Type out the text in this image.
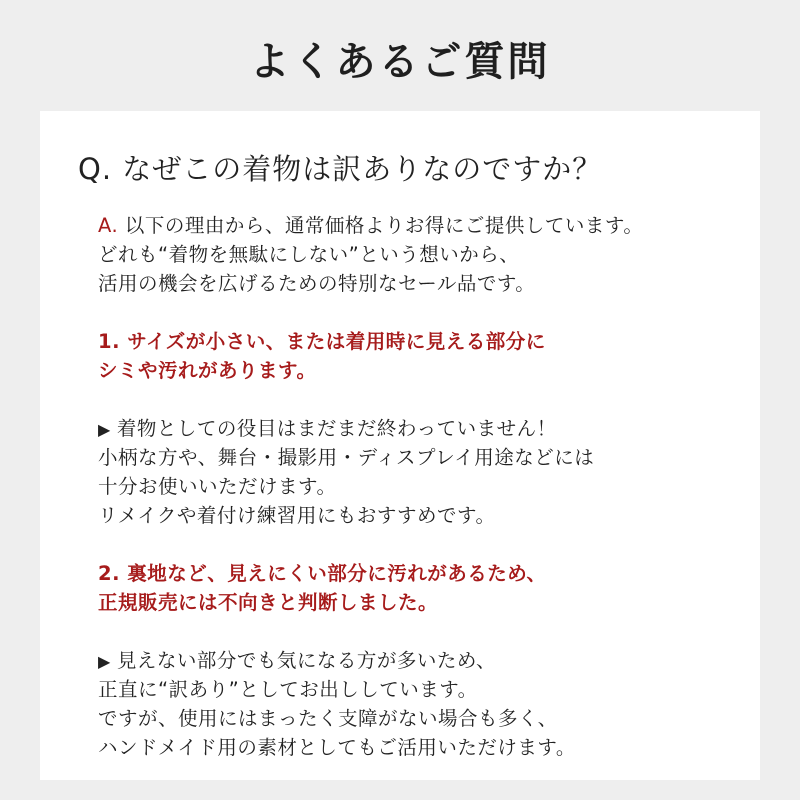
よくあるご質問
Q. なぜこの着物は訳ありなのですか？
A. 以下の理由から、通常価格よりお得にご提供しています。
どれも“着物を無駄にしない”という想いから、
活用の機会を広げるための特別なセール品です。
1. サイズが小さい、または着用時に見える部分に
シミや汚れがあります。
▶ 着物としての役目はまだまだ終わっていません！
小柄な方や、舞台・撮影用・ディスプレイ用途などには
十分お使いいただけます。
リメイクや着付け練習用にもおすすめです。
2. 裏地など、見えにくい部分に汚れがあるため、
正規販売には不向きと判断しました。
▶ 見えない部分でも気になる方が多いため、
正直に“訳あり”としてお出ししています。
ですが、使用にはまったく支障がない場合も多く、
ハンドメイド用の素材としてもご活用いただけます。
